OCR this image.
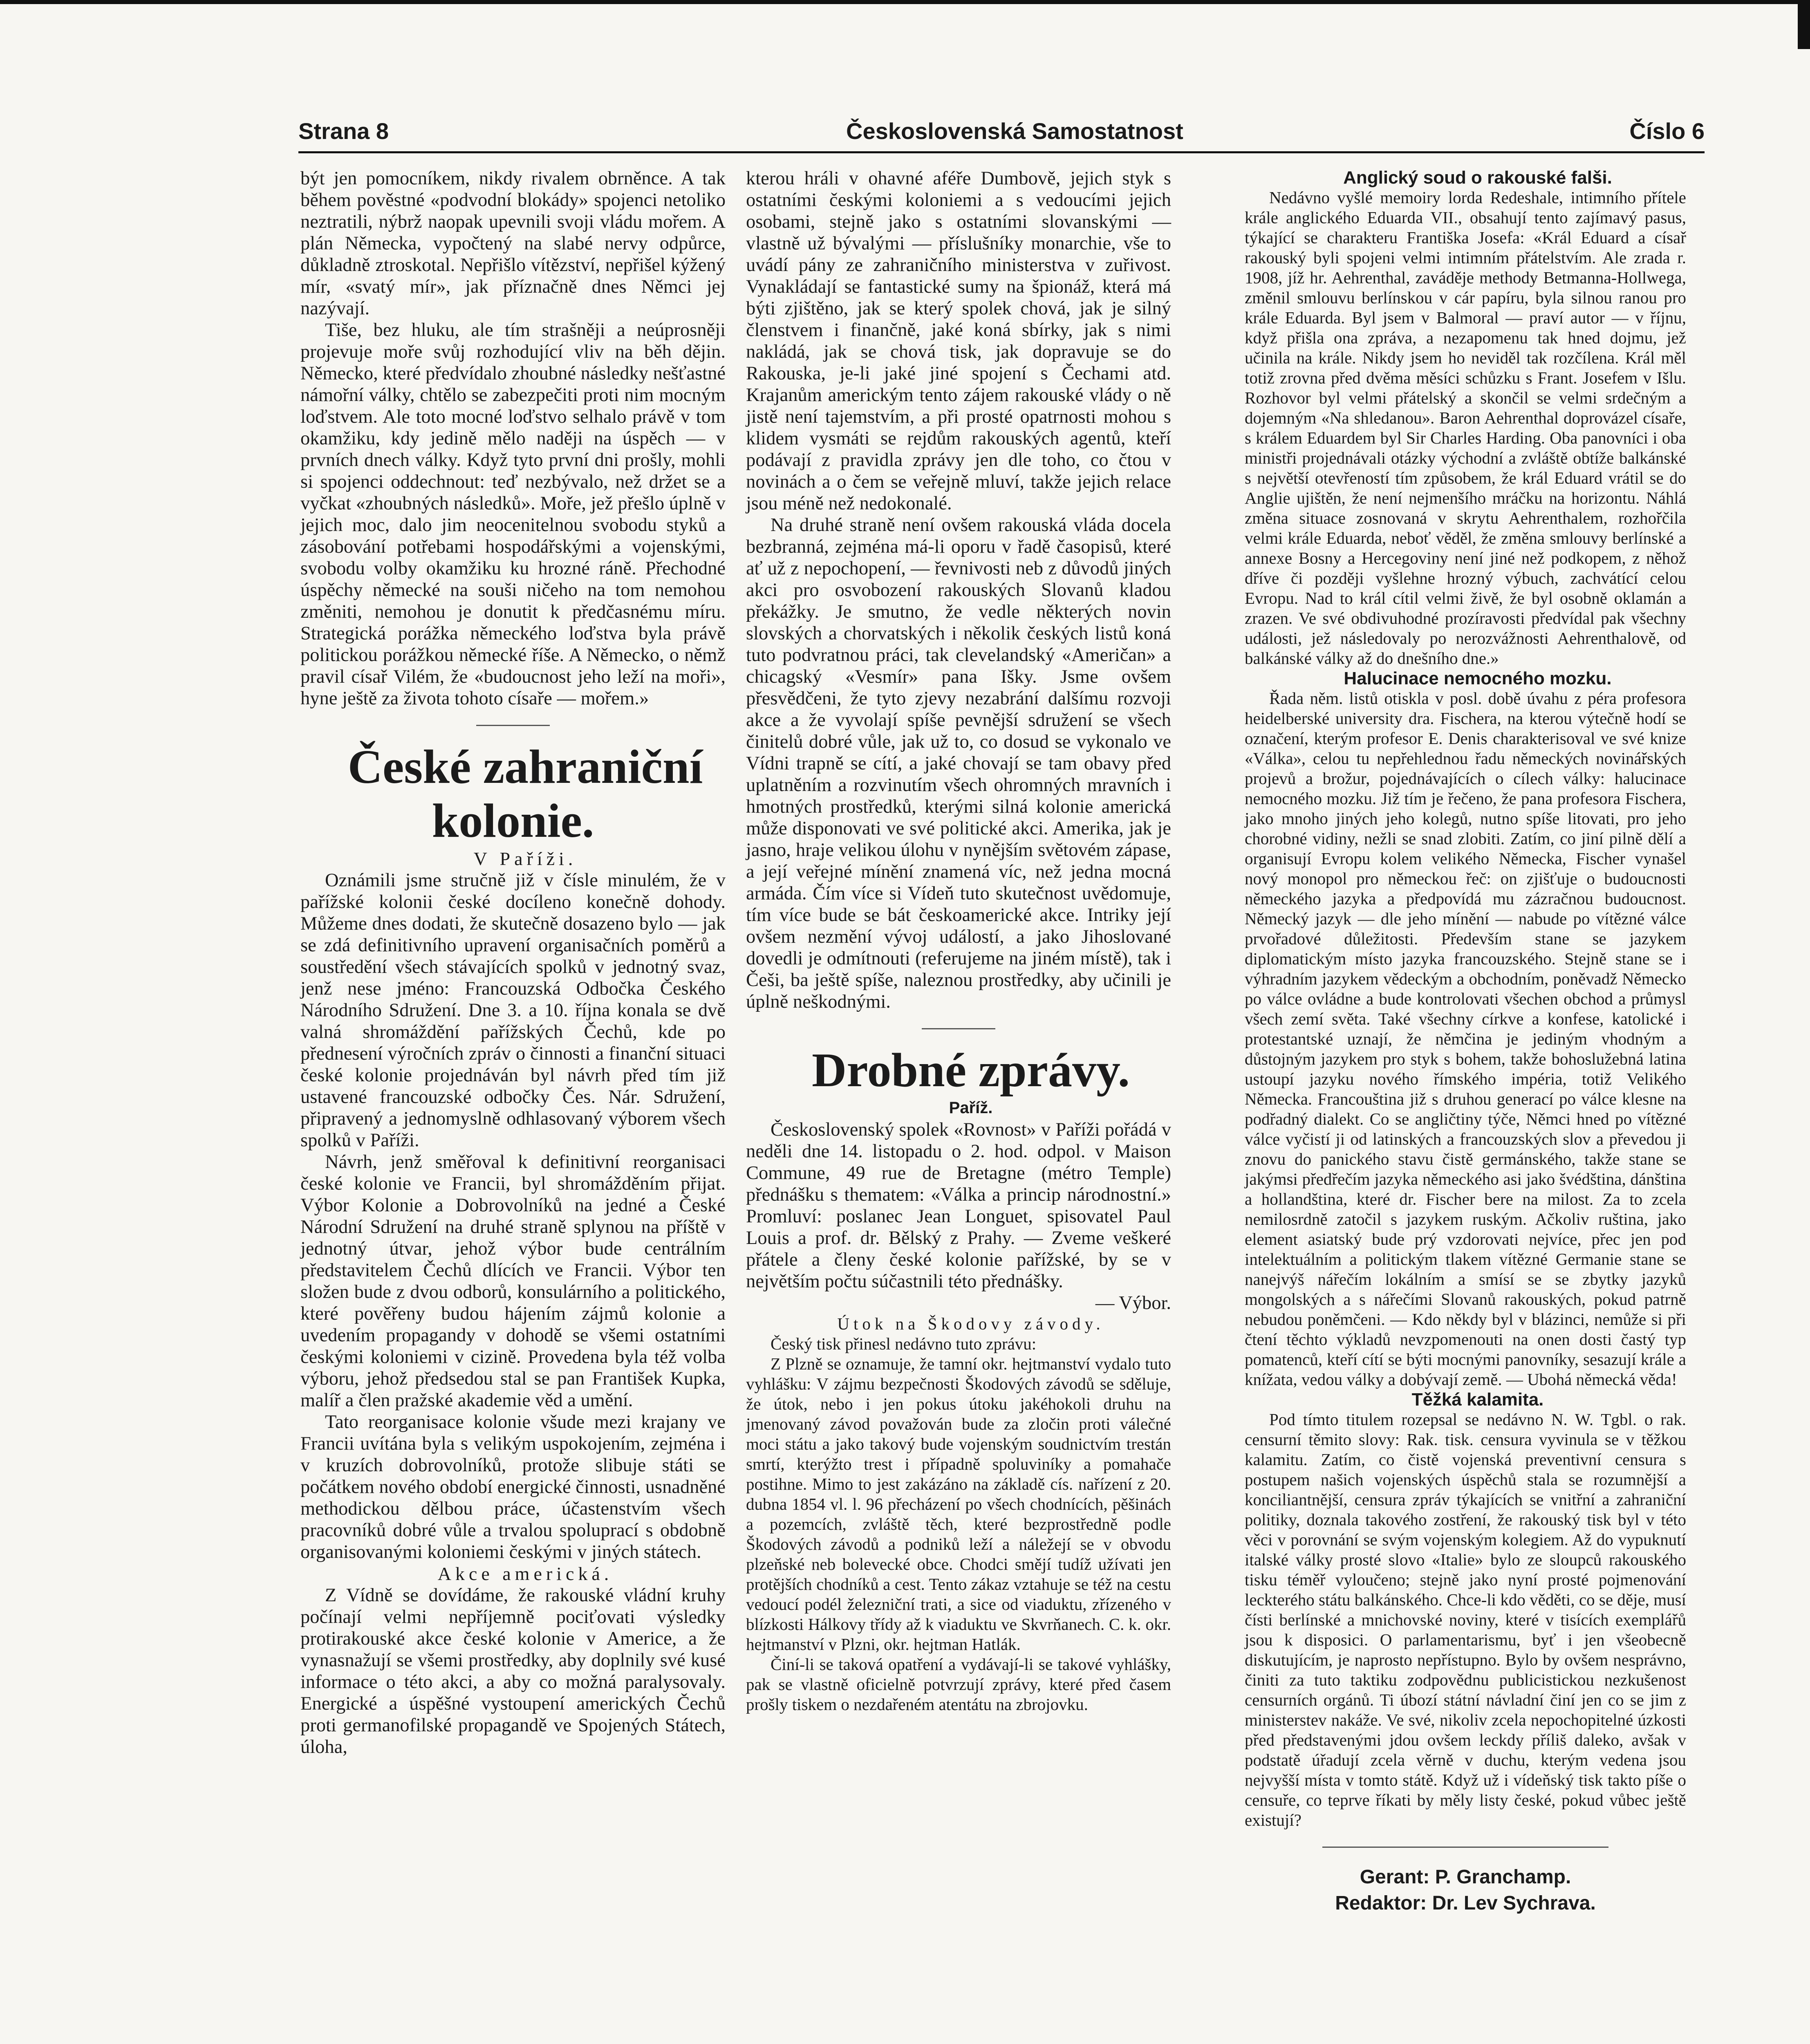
Strana 8	Československá Samostatnost	Číslo 6

být jen pomocníkem, nikdy rivalem obrněnce. A tak během pověstné «podvodní blokády» spojenci netoliko neztratili, nýbrž naopak upevnili svoji vládu mořem. A plán Německa, vypočtený na slabé nervy odpůrce, důkladně ztroskotal. Nepřišlo vítězství, nepřišel kýžený mír, «svatý mír», jak příznačně dnes Němci jej nazývají.

Tiše, bez hluku, ale tím strašněji a neúprosněji projevuje moře svůj rozhodující vliv na běh dějin. Německo, které předvídalo zhoubné následky nešťastné námořní války, chtělo se zabezpečiti proti nim mocným loďstvem. Ale toto mocné loďstvo selhalo právě v tom okamžiku, kdy jedině mělo naději na úspěch — v prvních dnech války. Když tyto první dni prošly, mohli si spojenci oddechnout: teď nezbývalo, než držet se a vyčkat «zhoubných následků». Moře, jež přešlo úplně v jejich moc, dalo jim neocenitelnou svobodu styků a zásobování potřebami hospodářskými a vojenskými, svobodu volby okamžiku ku hrozné ráně. Přechodné úspěchy německé na souši ničeho na tom nemohou změniti, nemohou je donutit k předčasnému míru. Strategická porážka německého loďstva byla právě politickou porážkou německé říše. A Německo, o němž pravil císař Vilém, že «budoucnost jeho leží na moři», hyne ještě za života tohoto císaře — mořem.»

České zahraniční kolonie.

V Paříži.

Oznámili jsme stručně již v čísle minulém, že v pařížské kolonii české docíleno konečně dohody. Můžeme dnes dodati, že skutečně dosazeno bylo — jak se zdá definitivního upravení organisačních poměrů a soustředění všech stávajících spolků v jednotný svaz, jenž nese jméno: Francouzská Odbočka Českého Národního Sdružení. Dne 3. a 10. října konala se dvě valná shromáždění pařížských Čechů, kde po přednesení výročních zpráv o činnosti a finanční situaci české kolonie projednáván byl návrh před tím již ustavené francouzské odbočky Čes. Nár. Sdružení, připravený a jednomyslně odhlasovaný výborem všech spolků v Paříži.

Návrh, jenž směřoval k definitivní reorganisaci české kolonie ve Francii, byl shromážděním přijat. Výbor Kolonie a Dobrovolníků na jedné a České Národní Sdružení na druhé straně splynou na příště v jednotný útvar, jehož výbor bude centrálním představitelem Čechů dlících ve Francii. Výbor ten složen bude z dvou odborů, konsulárního a politického, které pověřeny budou hájením zájmů kolonie a uvedením propagandy v dohodě se všemi ostatními českými koloniemi v cizině. Provedena byla též volba výboru, jehož předsedou stal se pan František Kupka, malíř a člen pražské akademie věd a umění.

Tato reorganisace kolonie všude mezi krajany ve Francii uvítána byla s velikým uspokojením, zejména i v kruzích dobrovolníků, protože slibuje státi se počátkem nového období energické činnosti, usnadněné methodickou dělbou práce, účastenstvím všech pracovníků dobré vůle a trvalou spoluprací s obdobně organisovanými koloniemi českými v jiných státech.

Akce americká.

Z Vídně se dovídáme, že rakouské vládní kruhy počínají velmi nepříjemně pociťovati výsledky protirakouské akce české kolonie v Americe, a že vynasnažují se všemi prostředky, aby doplnily své kusé informace o této akci, a aby co možná paralysovaly. Energické a úspěšné vystoupení amerických Čechů proti germanofilské propagandě ve Spojených Státech, úloha,

kterou hráli v ohavné aféře Dumbově, jejich styk s ostatními českými koloniemi a s vedoucími jejich osobami, stejně jako s ostatními slovanskými — vlastně už bývalými — příslušníky monarchie, vše to uvádí pány ze zahraničního ministerstva v zuřivost. Vynakládají se fantastické sumy na špionáž, která má býti zjištěno, jak se který spolek chová, jak je silný členstvem i finančně, jaké koná sbírky, jak s nimi nakládá, jak se chová tisk, jak dopravuje se do Rakouska, je-li jaké jiné spojení s Čechami atd. Krajanům americkým tento zájem rakouské vlády o ně jistě není tajemstvím, a při prosté opatrnosti mohou s klidem vysmáti se rejdům rakouských agentů, kteří podávají z pravidla zprávy jen dle toho, co čtou v novinách a o čem se veřejně mluví, takže jejich relace jsou méně než nedokonalé.

Na druhé straně není ovšem rakouská vláda docela bezbranná, zejména má-li oporu v řadě časopisů, které ať už z nepochopení, — řevnivosti neb z důvodů jiných akci pro osvobození rakouských Slovanů kladou překážky. Je smutno, že vedle některých novin slovských a chorvatských i několik českých listů koná tuto podvratnou práci, tak clevelandský «Američan» a chicagský «Vesmír» pana Išky. Jsme ovšem přesvědčeni, že tyto zjevy nezabrání dalšímu rozvoji akce a že vyvolají spíše pevnější sdružení se všech činitelů dobré vůle, jak už to, co dosud se vykonalo ve Vídni trapně se cítí, a jaké chovají se tam obavy před uplatněním a rozvinutím všech ohromných mravních i hmotných prostředků, kterými silná kolonie americká může disponovati ve své politické akci. Amerika, jak je jasno, hraje velikou úlohu v nynějším světovém zápase, a její veřejné mínění znamená víc, než jedna mocná armáda. Čím více si Vídeň tuto skutečnost uvědomuje, tím více bude se bát českoamerické akce. Intriky její ovšem nezmění vývoj událostí, a jako Jihoslované dovedli je odmítnouti (referujeme na jiném místě), tak i Češi, ba ještě spíše, naleznou prostředky, aby učinili je úplně neškodnými.

Drobné zprávy.

Paříž.

Československý spolek «Rovnost» v Paříži pořádá v neděli dne 14. listopadu o 2. hod. odpol. v Maison Commune, 49 rue de Bretagne (métro Temple) přednášku s thematem: «Válka a princip národnostní.» Promluví: poslanec Jean Longuet, spisovatel Paul Louis a prof. dr. Bělský z Prahy. — Zveme veškeré přátele a členy české kolonie pařížské, by se v největším počtu súčastnili této přednášky.

— Výbor.

Útok na Škodovy závody.

Český tisk přinesl nedávno tuto zprávu:

Z Plzně se oznamuje, že tamní okr. hejtmanství vydalo tuto vyhlášku: V zájmu bezpečnosti Škodových závodů se sděluje, že útok, nebo i jen pokus útoku jakéhokoli druhu na jmenovaný závod považován bude za zločin proti válečné moci státu a jako takový bude vojenským soudnictvím trestán smrtí, kterýžto trest i případně spoluviníky a pomahače postihne. Mimo to jest zakázáno na základě cís. nařízení z 20. dubna 1854 vl. l. 96 přecházení po všech chodnících, pěšinách a pozemcích, zvláště těch, které bezprostředně podle Škodových závodů a podniků leží a náležejí se v obvodu plzeňské neb bolevecké obce. Chodci smějí tudíž užívati jen protějších chodníků a cest. Tento zákaz vztahuje se též na cestu vedoucí podél železniční trati, a sice od viaduktu, zřízeného v blízkosti Hálkovy třídy až k viaduktu ve Skvrňanech. C. k. okr. hejtmanství v Plzni, okr. hejtman Hatlák.

Činí-li se taková opatření a vydávají-li se takové vyhlášky, pak se vlastně oficielně potvrzují zprávy, které před časem prošly tiskem o nezdařeném atentátu na zbrojovku.

Anglický soud o rakouské falši.

Nedávno vyšlé memoiry lorda Redeshale, intimního přítele krále anglického Eduarda VII., obsahují tento zajímavý pasus, týkající se charakteru Františka Josefa: «Král Eduard a císař rakouský byli spojeni velmi intimním přátelstvím. Ale zrada r. 1908, jíž hr. Aehrenthal, zaváděje methody Betmanna-Hollwega, změnil smlouvu berlínskou v cár papíru, byla silnou ranou pro krále Eduarda. Byl jsem v Balmoral — praví autor — v říjnu, když přišla ona zpráva, a nezapomenu tak hned dojmu, jež učinila na krále. Nikdy jsem ho neviděl tak rozčílena. Král měl totiž zrovna před dvěma měsíci schůzku s Frant. Josefem v Išlu. Rozhovor byl velmi přátelský a skončil se velmi srdečným a dojemným «Na shledanou». Baron Aehrenthal doprovázel císaře, s králem Eduardem byl Sir Charles Harding. Oba panovníci i oba ministři projednávali otázky východní a zvláště obtíže balkánské s největší otevřeností tím způsobem, že král Eduard vrátil se do Anglie ujištěn, že není nejmenšího mráčku na horizontu. Náhlá změna situace zosnovaná v skrytu Aehrenthalem, rozhořčila velmi krále Eduarda, neboť věděl, že změna smlouvy berlínské a annexe Bosny a Hercegoviny není jiné než podkopem, z něhož dříve či později vyšlehne hrozný výbuch, zachvátící celou Evropu. Nad to král cítil velmi živě, že byl osobně oklamán a zrazen. Ve své obdivuhodné prozíravosti předvídal pak všechny události, jež následovaly po nerozvážnosti Aehrenthalově, od balkánské války až do dnešního dne.»

Halucinace nemocného mozku.

Řada něm. listů otiskla v posl. době úvahu z péra profesora heidelberské university dra. Fischera, na kterou výtečně hodí se označení, kterým profesor E. Denis charakterisoval ve své knize «Válka», celou tu nepřehlednou řadu německých novinářských projevů a brožur, pojednávajících o cílech války: halucinace nemocného mozku. Již tím je řečeno, že pana profesora Fischera, jako mnoho jiných jeho kolegů, nutno spíše litovati, pro jeho chorobné vidiny, nežli se snad zlobiti. Zatím, co jiní pilně dělí a organisují Evropu kolem velikého Německa, Fischer vynašel nový monopol pro německou řeč: on zjišťuje o budoucnosti německého jazyka a předpovídá mu zázračnou budoucnost. Německý jazyk — dle jeho mínění — nabude po vítězné válce prvořadové důležitosti. Především stane se jazykem diplomatickým místo jazyka francouzského. Stejně stane se i výhradním jazykem vědeckým a obchodním, poněvadž Německo po válce ovládne a bude kontrolovati všechen obchod a průmysl všech zemí světa. Také všechny církve a konfese, katolické i protestantské uznají, že němčina je jediným vhodným a důstojným jazykem pro styk s bohem, takže bohoslužebná latina ustoupí jazyku nového římského impéria, totiž Velikého Německa. Francouština již s druhou generací po válce klesne na podřadný dialekt. Co se angličtiny týče, Němci hned po vítězné válce vyčistí ji od latinských a francouzských slov a převedou ji znovu do panického stavu čistě germánského, takže stane se jakýmsi předřečím jazyka německého asi jako švédština, dánština a hollandština, které dr. Fischer bere na milost. Za to zcela nemilosrdně zatočil s jazykem ruským. Ačkoliv ruština, jako element asiatský bude prý vzdorovati nejvíce, přec jen pod intelektuálním a politickým tlakem vítězné Germanie stane se nanejvýš nářečím lokálním a smísí se se zbytky jazyků mongolských a s nářečími Slovanů rakouských, pokud patrně nebudou poněmčeni. — Kdo někdy byl v blázinci, nemůže si při čtení těchto výkladů nevzpomenouti na onen dosti častý typ pomatenců, kteří cítí se býti mocnými panovníky, sesazují krále a knížata, vedou války a dobývají země. — Ubohá německá věda!

Těžká kalamita.

Pod tímto titulem rozepsal se nedávno N. W. Tgbl. o rak. censurní těmito slovy: Rak. tisk. censura vyvinula se v těžkou kalamitu. Zatím, co čistě vojenská preventivní censura s postupem našich vojenských úspěchů stala se rozumnější a konciliantnější, censura zpráv týkajících se vnitřní a zahraniční politiky, doznala takového zostření, že rakouský tisk byl v této věci v porovnání se svým vojenským kolegiem. Až do vypuknutí italské války prosté slovo «Italie» bylo ze sloupců rakouského tisku téměř vyloučeno; stejně jako nyní prosté pojmenování leckterého státu balkánského. Chce-li kdo věděti, co se děje, musí čísti berlínské a mnichovské noviny, které v tisících exemplářů jsou k disposici. O parlamentarismu, byť i jen všeobecně diskutujícím, je naprosto nepřístupno. Bylo by ovšem nesprávno, činiti za tuto taktiku zodpovědnu publicistickou nezkušenost censurních orgánů. Ti úbozí státní návladní činí jen co se jim z ministerstev nakáže. Ve své, nikoliv zcela nepochopitelné úzkosti před představenými jdou ovšem leckdy příliš daleko, avšak v podstatě úřadují zcela věrně v duchu, kterým vedena jsou nejvyšší místa v tomto státě. Když už i vídeňský tisk takto píše o censuře, co teprve říkati by měly listy české, pokud vůbec ještě existují?

Gerant: P. Granchamp.
Redaktor: Dr. Lev Sychrava.
